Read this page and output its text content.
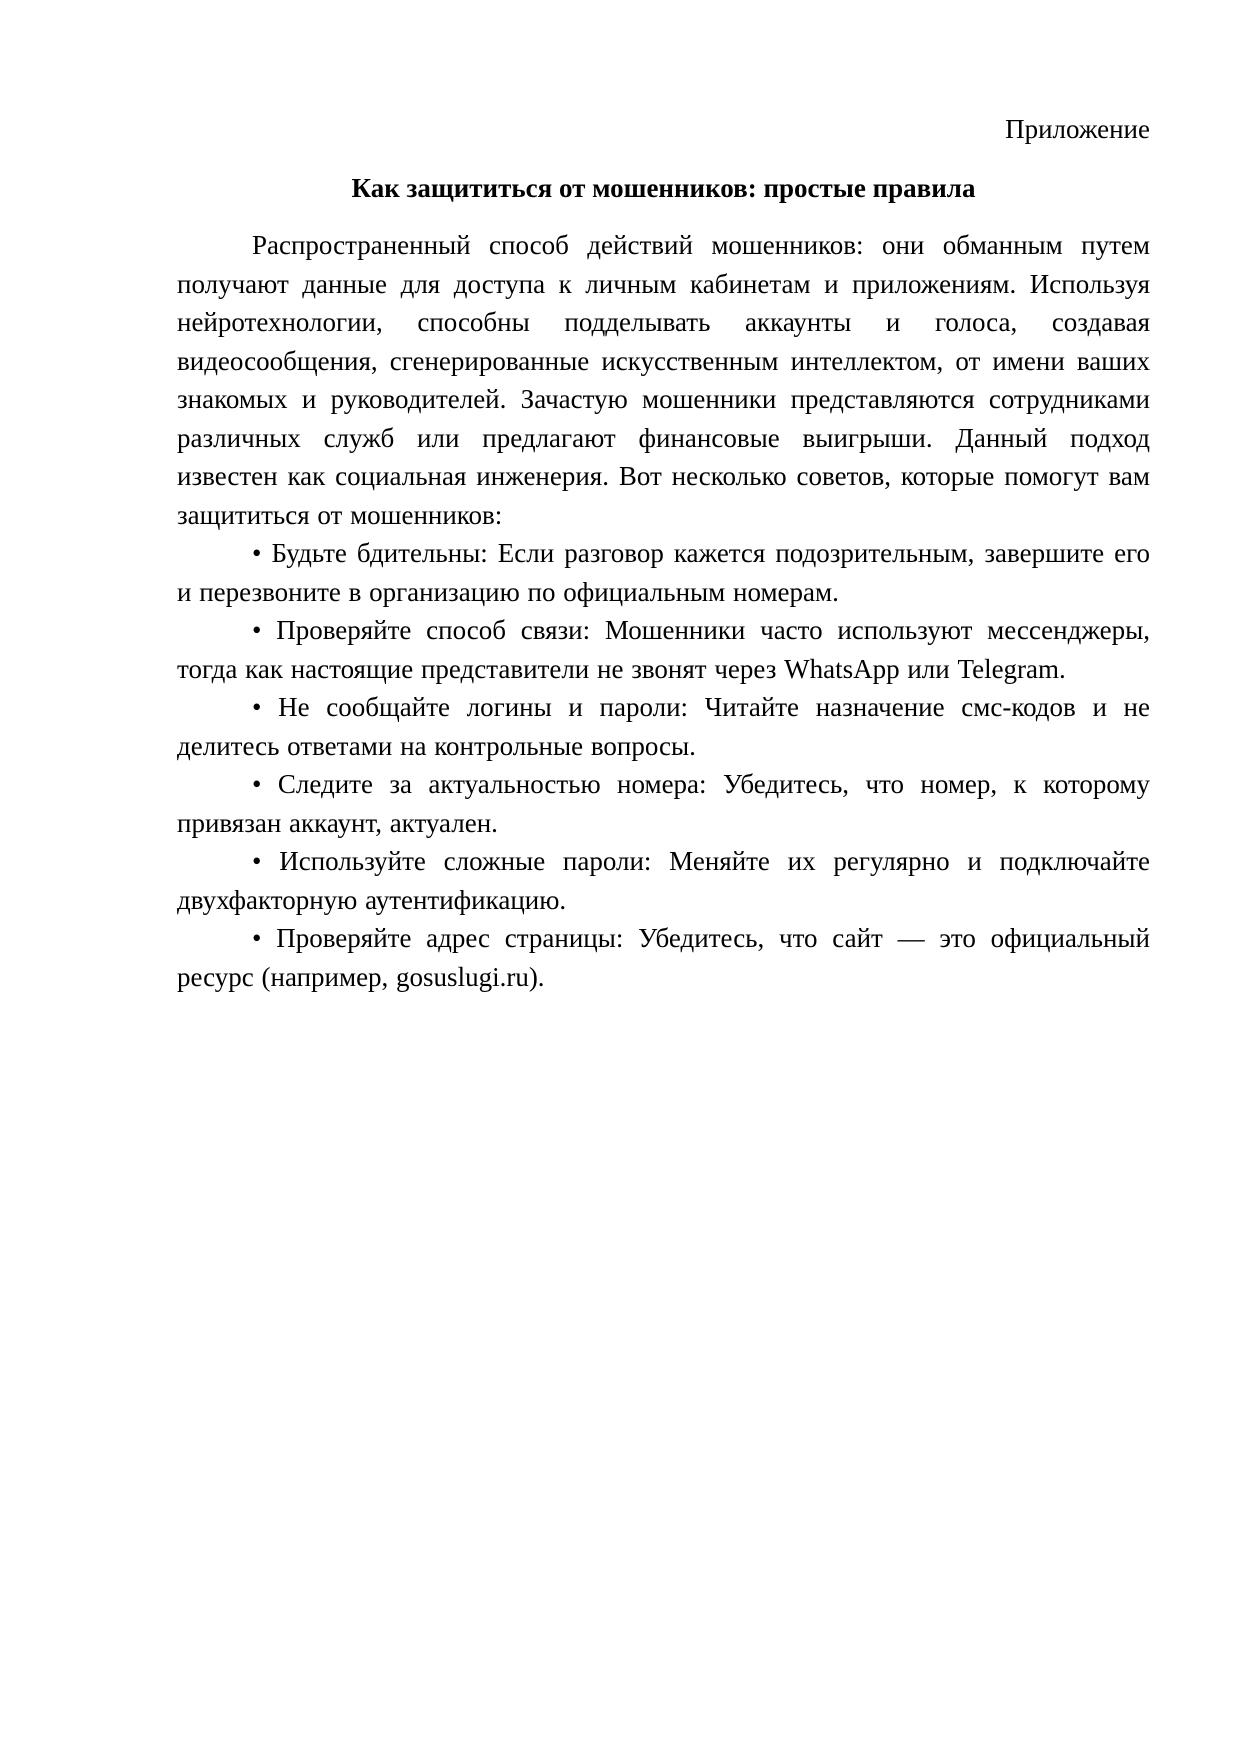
Приложение

Как защититься от мошенников: простые правила

Распространенный способ действий мошенников: они обманным путем получают данные для доступа к личным кабинетам и приложениям. Используя нейротехнологии, способны подделывать аккаунты и голоса, создавая видеосообщения, сгенерированные искусственным интеллектом, от имени ваших знакомых и руководителей. Зачастую мошенники представляются сотрудниками различных служб или предлагают финансовые выигрыши. Данный подход известен как социальная инженерия. Вот несколько советов, которые помогут вам защититься от мошенников:

• Будьте бдительны: Если разговор кажется подозрительным, завершите его и перезвоните в организацию по официальным номерам.

• Проверяйте способ связи: Мошенники часто используют мессенджеры, тогда как настоящие представители не звонят через WhatsApp или Telegram.

• Не сообщайте логины и пароли: Читайте назначение смс-кодов и не делитесь ответами на контрольные вопросы.

• Следите за актуальностью номера: Убедитесь, что номер, к которому привязан аккаунт, актуален.

• Используйте сложные пароли: Меняйте их регулярно и подключайте двухфакторную аутентификацию.

• Проверяйте адрес страницы: Убедитесь, что сайт — это официальный ресурс (например, gosuslugi.ru).
